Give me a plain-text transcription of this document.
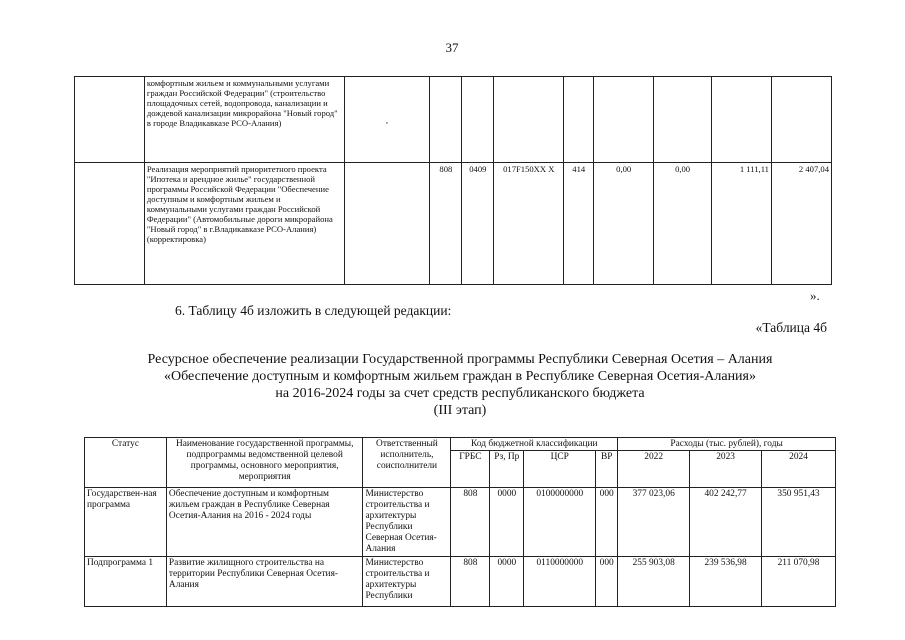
37
	комфортным жильем и коммунальными услугами граждан Российской Федерации" (строительство площадочных сетей, водопровода, канализации и дождевой канализации микрорайона "Новый город" в городе Владикавказе РСО-Алания)	,								
	Реализация мероприятий приоритетного проекта "Ипотека и арендное жилье" государственной программы Российской Федерации "Обеспечение доступным и комфортным жильем и коммунальными услугами граждан Российской Федерации" (Автомобильные дороги микрорайона "Новый город" в г.Владикавказе РСО-Алания) (корректировка)		808	0409	017F150XX X	414	0,00	0,00	1 111,11	2 407,04
».
6. Таблицу 4б изложить в следующей редакции:
«Таблица 4б
Ресурсное обеспечение реализации Государственной программы Республики Северная Осетия – Алания
«Обеспечение доступным и комфортным жильем граждан в Республике Северная Осетия-Алания»
на 2016-2024 годы за счет средств республиканского бюджета
(III этап)
Статус	Наименование государственной программы, подпрограммы ведомственной целевой программы, основного мероприятия, мероприятия	Ответственный исполнитель, соисполнители	Код бюджетной классификации				Расходы (тыс. рублей), годы		
			ГРБС	Рз, Пр	ЦСР	ВР	2022	2023	2024
Государствен-ная программа	Обеспечение доступным и комфортным жильем граждан в Республике Северная Осетия-Алания на 2016 - 2024 годы	Министерство строительства и архитектуры Республики Северная Осетия-Алания	808	0000	0100000000	000	377 023,06	402 242,77	350 951,43
Подпрограмма 1	Развитие жилищного строительства на территории Республики Северная Осетия-Алания	Министерство строительства и архитектуры Республики	808	0000	0110000000	000	255 903,08	239 536,98	211 070,98
